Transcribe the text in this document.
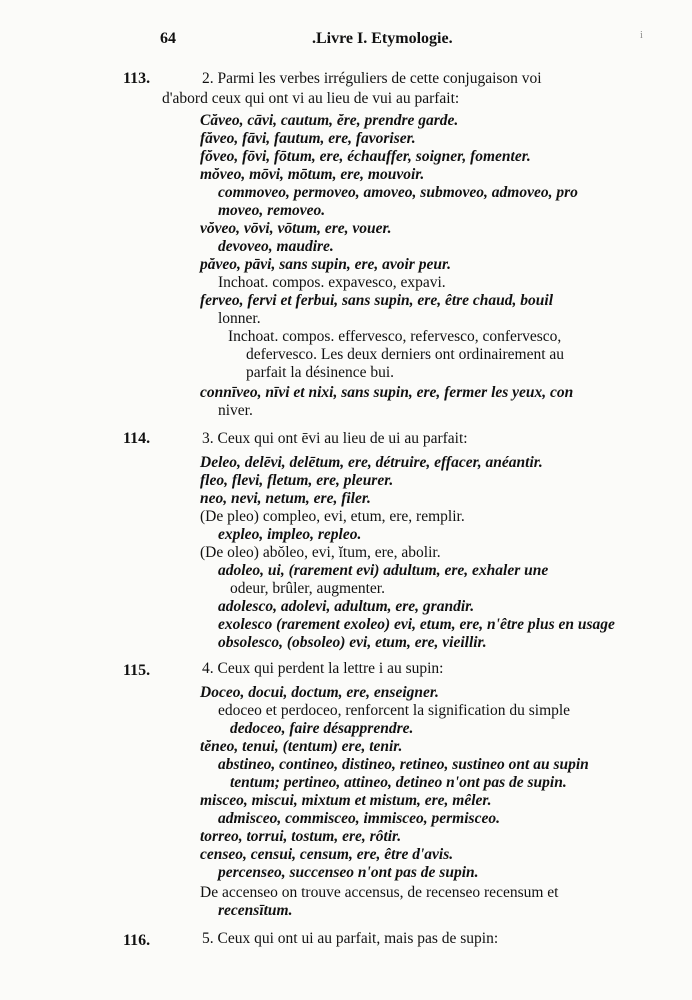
64	.Livre I. Etymologie.	i
113.	2. Parmi les verbes irréguliers de cette conjugaison voi
d'abord ceux qui ont vi au lieu de vui au parfait:
Căveo, cāvi, cautum, ĕre, prendre garde.
făveo, fāvi, fautum, ere, favoriser.
fŏveo, fōvi, fōtum, ere, échauffer, soigner, fomenter.
mŏveo, mōvi, mōtum, ere, mouvoir.
commoveo, permoveo, amoveo, submoveo, admoveo, pro
moveo, removeo.
vŏveo, vōvi, vōtum, ere, vouer.
devoveo, maudire.
păveo, pāvi, sans supin, ere, avoir peur.
Inchoat. compos. expavesco, expavi.
ferveo, fervi et ferbui, sans supin, ere, être chaud, bouil
lonner.
Inchoat. compos. effervesco, refervesco, confervesco,
defervesco. Les deux derniers ont ordinairement au
parfait la désinence bui.
connīveo, nīvi et nixi, sans supin, ere, fermer les yeux, con
niver.
114.	3. Ceux qui ont ēvi au lieu de ui au parfait:
Deleo, delēvi, delētum, ere, détruire, effacer, anéantir.
fleo, flevi, fletum, ere, pleurer.
neo, nevi, netum, ere, filer.
(De pleo) compleo, evi, etum, ere, remplir.
expleo, impleo, repleo.
(De oleo) abŏleo, evi, ĭtum, ere, abolir.
adoleo, ui, (rarement evi) adultum, ere, exhaler une
odeur, brûler, augmenter.
adolesco, adolevi, adultum, ere, grandir.
exolesco (rarement exoleo) evi, etum, ere, n'être plus en usage
obsolesco, (obsoleo) evi, etum, ere, vieillir.
115.	4. Ceux qui perdent la lettre i au supin:
Doceo, docui, doctum, ere, enseigner.
edoceo et perdoceo, renforcent la signification du simple
dedoceo, faire désapprendre.
tĕneo, tenui, (tentum) ere, tenir.
abstineo, contineo, distineo, retineo, sustineo ont au supin
tentum; pertineo, attineo, detineo n'ont pas de supin.
misceo, miscui, mixtum et mistum, ere, mêler.
admisceo, commisceo, immisceo, permisceo.
torreo, torrui, tostum, ere, rôtir.
censeo, censui, censum, ere, être d'avis.
percenseo, succenseo n'ont pas de supin.
De accenseo on trouve accensus, de recenseo recensum et
recensītum.
116.	5. Ceux qui ont ui au parfait, mais pas de supin:
